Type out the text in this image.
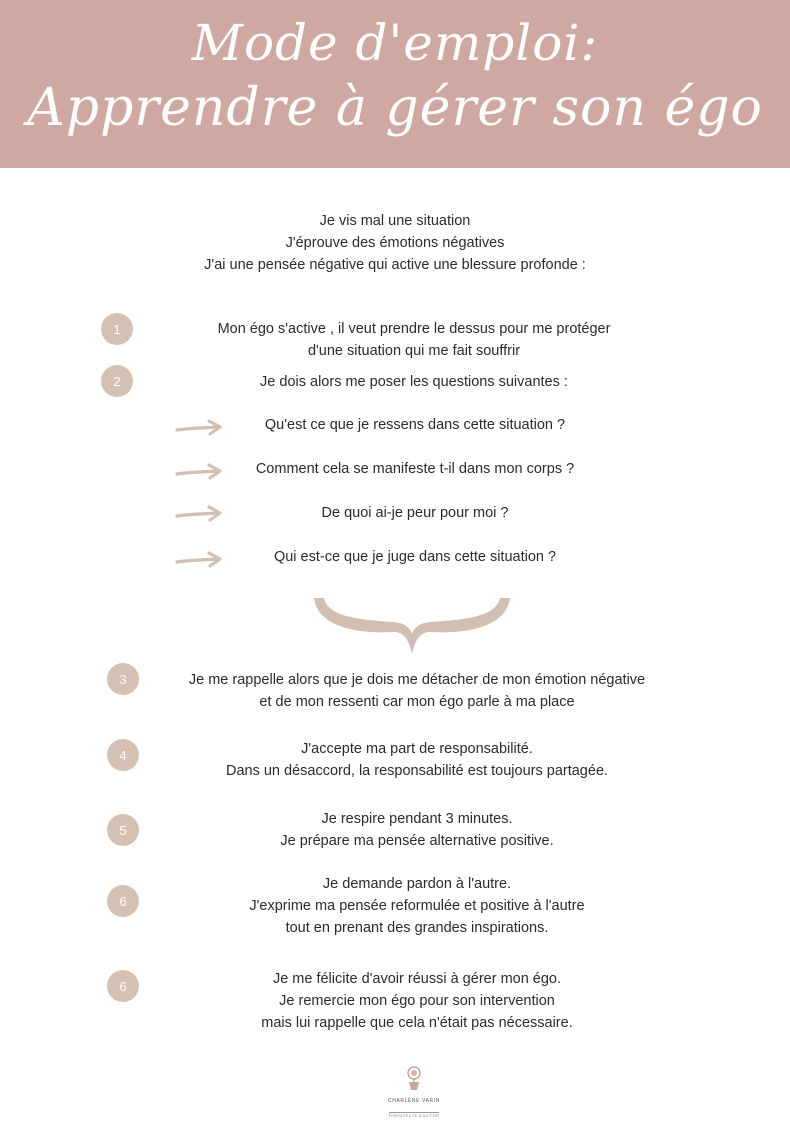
Mode d'emploi:
Apprendre à gérer son égo
Je vis mal une situation
J'éprouve des émotions négatives
J'ai une pensée négative qui active une blessure profonde :
1	Mon égo s'active , il veut prendre le dessus pour me protéger
d'une situation qui me fait souffrir
2	Je dois alors me poser les questions suivantes :
Qu'est ce que je ressens dans cette situation ?
Comment cela se manifeste t-il dans mon corps ?
De quoi ai-je peur pour moi ?
Qui est-ce que je juge dans cette situation ?
3	Je me rappelle alors que je dois me détacher de mon émotion négative
et de mon ressenti car mon égo parle à ma place
4	J'accepte ma part de responsabilité.
Dans un désaccord, la responsabilité est toujours partagée.
5
Je respire pendant 3 minutes.
Je prépare ma pensée alternative positive.
6
Je demande pardon à l'autre.
J'exprime ma pensée reformulée et positive à l'autre
tout en prenant des grandes inspirations.
6	Je me félicite d'avoir réussi à gérer mon égo.
Je remercie mon égo pour son intervention
mais lui rappelle que cela n'était pas nécessaire.
CHARLÈNE VARIN
THÉRAPEUTE D'ACTION
